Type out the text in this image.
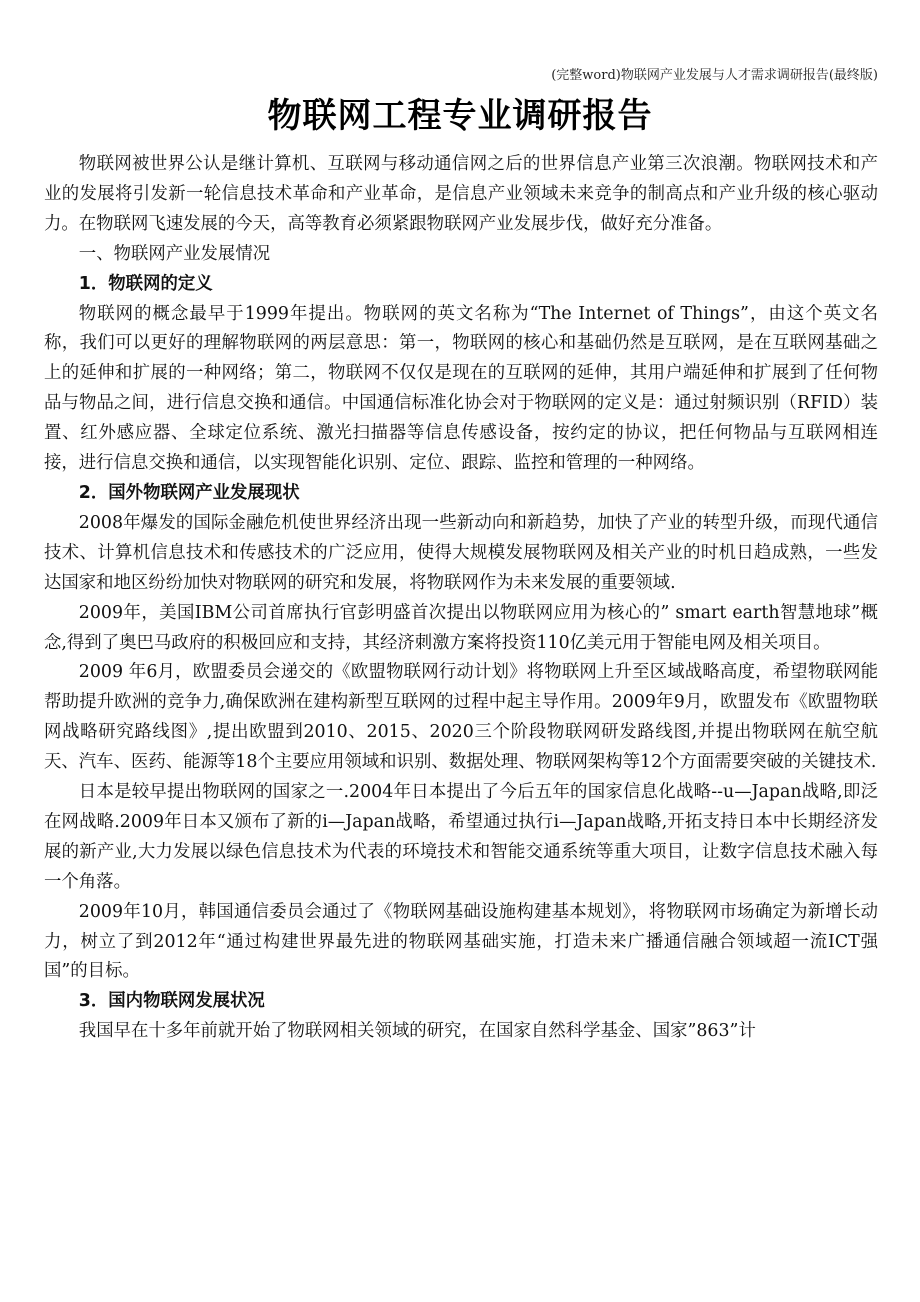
(完整word)物联网产业发展与人才需求调研报告(最终版)
物联网工程专业调研报告

物联网被世界公认是继计算机、互联网与移动通信网之后的世界信息产业第三次浪潮。物联网技术和产业的发展将引发新一轮信息技术革命和产业革命，是信息产业领域未来竞争的制高点和产业升级的核心驱动力。在物联网飞速发展的今天，高等教育必须紧跟物联网产业发展步伐，做好充分准备。

一、物联网产业发展情况

1．物联网的定义

物联网的概念最早于1999年提出。物联网的英文名称为“The Internet of Things”，由这个英文名称，我们可以更好的理解物联网的两层意思：第一，物联网的核心和基础仍然是互联网，是在互联网基础之上的延伸和扩展的一种网络；第二，物联网不仅仅是现在的互联网的延伸，其用户端延伸和扩展到了任何物品与物品之间，进行信息交换和通信。中国通信标准化协会对于物联网的定义是：通过射频识别（RFID）装置、红外感应器、全球定位系统、激光扫描器等信息传感设备，按约定的协议，把任何物品与互联网相连接，进行信息交换和通信，以实现智能化识别、定位、跟踪、监控和管理的一种网络。

2．国外物联网产业发展现状

2008年爆发的国际金融危机使世界经济出现一些新动向和新趋势，加快了产业的转型升级，而现代通信技术、计算机信息技术和传感技术的广泛应用，使得大规模发展物联网及相关产业的时机日趋成熟，一些发达国家和地区纷纷加快对物联网的研究和发展，将物联网作为未来发展的重要领域.

2009年，美国IBM公司首席执行官彭明盛首次提出以物联网应用为核心的” smart earth智慧地球”概念,得到了奥巴马政府的积极回应和支持，其经济刺激方案将投资110亿美元用于智能电网及相关项目。

2009 年6月，欧盟委员会递交的《欧盟物联网行动计划》将物联网上升至区域战略高度，希望物联网能帮助提升欧洲的竞争力,确保欧洲在建构新型互联网的过程中起主导作用。2009年9月，欧盟发布《欧盟物联网战略研究路线图》,提出欧盟到2010、2015、2020三个阶段物联网研发路线图,并提出物联网在航空航天、汽车、医药、能源等18个主要应用领域和识别、数据处理、物联网架构等12个方面需要突破的关键技术.

日本是较早提出物联网的国家之一.2004年日本提出了今后五年的国家信息化战略--u—Japan战略,即泛在网战略.2009年日本又颁布了新的i—Japan战略，希望通过执行i—Japan战略,开拓支持日本中长期经济发展的新产业,大力发展以绿色信息技术为代表的环境技术和智能交通系统等重大项目，让数字信息技术融入每一个角落。

2009年10月，韩国通信委员会通过了《物联网基础设施构建基本规划》，将物联网市场确定为新增长动力，树立了到2012年“通过构建世界最先进的物联网基础实施，打造未来广播通信融合领域超一流ICT强国”的目标。

3．国内物联网发展状况

我国早在十多年前就开始了物联网相关领域的研究，在国家自然科学基金、国家”863”计
